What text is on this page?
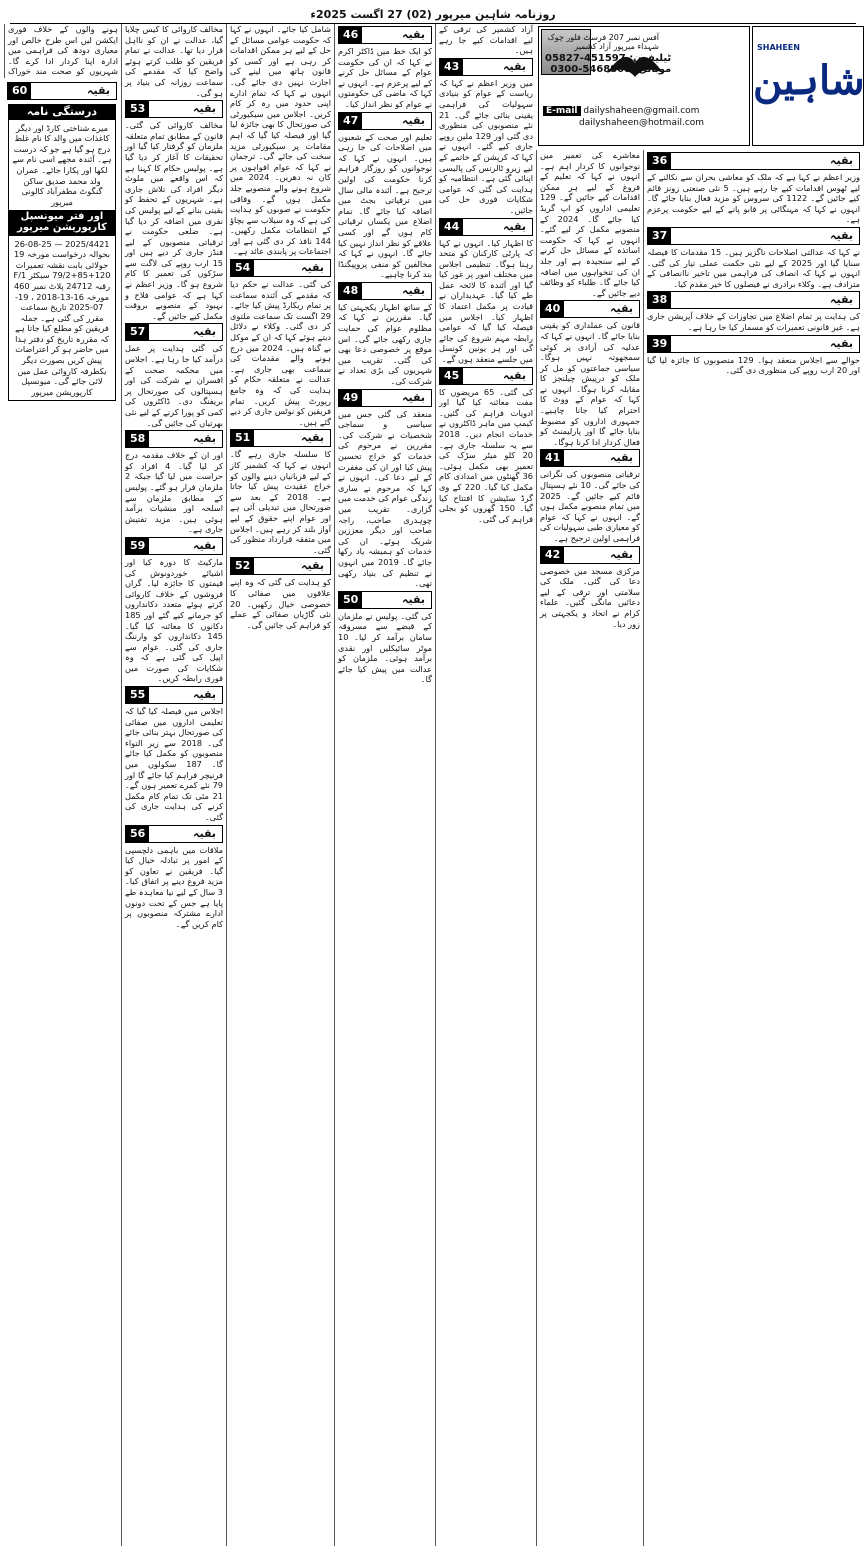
روزنامہ شاہین میرپور (02) 27 اگست 2025ء
بقیہ
60
درستگی نامہ
میرے شناختی کارڈ اور دیگر کاغذات میں والد کا نام غلط درج ہو گیا ہے جو کہ درست ہے۔ آئندہ مجھے اسی نام سے لکھا اور پکارا جائے۔ عمران ولد محمد صدیق ساکن گنگوٹ مظفرآباد کالونی میرپور
اور فتر میونسپل کارپوریشن میرپور
2025/4421 — 26-08-25 بحوالہ درخواست مورخہ 19 جولائی بابت نقشہ تعمیرات 120+85+79/2 سیکٹر F/1 رقبہ 24712 پلاٹ نمبر 460 مورخہ 16-13-2018 ، 19-07-2025 تاریخ سماعت مقرر کی گئی ہے۔ جملہ فریقین کو مطلع کیا جاتا ہے کہ مقررہ تاریخ کو دفتر ہذا میں حاضر ہو کر اعتراضات پیش کریں بصورت دیگر یکطرفہ کاروائی عمل میں لائی جائے گی۔ میونسپل کارپوریشن میرپور

مخالف کاروائی کا کیس چلایا گیا، عدالت نے ان کو نااہل قرار دیا تھا۔ عدالت نے تمام فریقین کو طلب کرتے ہوئے واضح کیا کہ مقدمے کی سماعت روزانہ کی بنیاد پر ہو گی۔

بقیہ
53

مخالف کاروائی کی گئی۔ قانون کے مطابق تمام متعلقہ ملزمان کو گرفتار کیا گیا اور تحقیقات کا آغاز کر دیا گیا ہے۔ پولیس حکام کا کہنا ہے کہ اس واقعے میں ملوث دیگر افراد کی تلاش جاری ہے۔ شہریوں کے تحفظ کو یقینی بنانے کے لیے پولیس کی نفری میں اضافہ کر دیا گیا ہے۔ ضلعی حکومت نے ترقیاتی منصوبوں کے لیے فنڈز جاری کر دیے ہیں اور 15 ارب روپے کی لاگت سے سڑکوں کی تعمیر کا کام شروع ہو گا۔ وزیر اعظم نے کہا ہے کہ عوامی فلاح و بہبود کے منصوبے بروقت مکمل کیے جائیں گے۔

بقیہ
57

کی گئی ہدایت پر عمل درآمد کیا جا رہا ہے۔ اجلاس میں محکمہ صحت کے افسران نے شرکت کی اور ہسپتالوں کی صورتحال پر بریفنگ دی۔ ڈاکٹروں کی کمی کو پورا کرنے کے لیے نئی بھرتیاں کی جائیں گی۔

بقیہ
58

اور ان کے خلاف مقدمہ درج کر لیا گیا۔ 4 افراد کو حراست میں لیا گیا جبکہ 2 ملزمان فرار ہو گئے۔ پولیس کے مطابق ملزمان سے اسلحہ اور منشیات برآمد ہوئی ہیں۔ مزید تفتیش جاری ہے۔

بقیہ
59

مارکیٹ کا دورہ کیا اور اشیائے خوردونوش کی قیمتوں کا جائزہ لیا۔ گراں فروشوں کے خلاف کاروائی کرتے ہوئے متعدد دکانداروں کو جرمانے کیے گئے اور 185 دکانوں کا معائنہ کیا گیا۔ 145 دکانداروں کو وارننگ جاری کی گئی۔ عوام سے اپیل کی گئی ہے کہ وہ شکایات کی صورت میں فوری رابطہ کریں۔

بقیہ
55

اجلاس میں فیصلہ کیا گیا کہ تعلیمی اداروں میں صفائی کی صورتحال بہتر بنائی جائے گی۔ 2018 سے زیر التواء منصوبوں کو مکمل کیا جائے گا۔ 187 سکولوں میں فرنیچر فراہم کیا جائے گا اور 79 نئے کمرے تعمیر ہوں گے۔ 21 مئی تک تمام کام مکمل کرنے کی ہدایت جاری کی گئی۔

بقیہ
56

ملاقات میں باہمی دلچسپی کے امور پر تبادلہ خیال کیا گیا۔ فریقین نے تعاون کو مزید فروغ دینے پر اتفاق کیا۔ 3 سال کے لیے نیا معاہدہ طے پایا ہے جس کے تحت دونوں ادارے مشترکہ منصوبوں پر کام کریں گے۔

شامل کیا جائے۔ انہوں نے کہا کہ حکومت عوامی مسائل کے حل کے لیے ہر ممکن اقدامات کر رہی ہے اور کسی کو قانون ہاتھ میں لینے کی اجازت نہیں دی جائے گی۔ انہوں نے کہا کہ تمام ادارے اپنی حدود میں رہ کر کام کریں۔ اجلاس میں سیکیورٹی کی صورتحال کا بھی جائزہ لیا گیا اور فیصلہ کیا گیا کہ اہم مقامات پر سیکیورٹی مزید سخت کی جائے گی۔ ترجمان نے کہا کہ عوام افواہوں پر کان نہ دھریں۔ 2024 میں شروع ہونے والے منصوبے جلد مکمل ہوں گے۔ وفاقی حکومت نے صوبوں کو ہدایت کی ہے کہ وہ سیلاب سے بچاؤ کے انتظامات مکمل رکھیں۔ 144 نافذ کر دی گئی ہے اور اجتماعات پر پابندی عائد ہے۔

بقیہ
54

کی گئی۔ عدالت نے حکم دیا کہ مقدمے کی آئندہ سماعت پر تمام ریکارڈ پیش کیا جائے۔ 29 اگست تک سماعت ملتوی کر دی گئی۔ وکلاء نے دلائل دیتے ہوئے کہا کہ ان کے موکل بے گناہ ہیں۔ 2024 میں درج ہونے والے مقدمات کی سماعت بھی جاری ہے۔ عدالت نے متعلقہ حکام کو ہدایت کی کہ وہ جامع رپورٹ پیش کریں۔ تمام فریقین کو نوٹس جاری کر دیے گئے ہیں۔

بقیہ
51

کا سلسلہ جاری رہے گا۔ انہوں نے کہا کہ کشمیر کاز کے لیے قربانیاں دینے والوں کو خراج عقیدت پیش کیا جاتا ہے۔ 2018 کے بعد سے صورتحال میں تبدیلی آئی ہے اور عوام اپنے حقوق کے لیے آواز بلند کر رہے ہیں۔ اجلاس میں متفقہ قرارداد منظور کی گئی۔

بقیہ
52

کو ہدایت کی گئی کہ وہ اپنے علاقوں میں صفائی کا خصوصی خیال رکھیں۔ 20 نئی گاڑیاں صفائی کے عملے کو فراہم کی جائیں گی۔

بقیہ
46

کو ایک خط میں ڈاکٹر اکرم نے کہا کہ ان کی حکومت عوام کے مسائل حل کرنے کے لیے پرعزم ہے۔ انہوں نے کہا کہ ماضی کی حکومتوں نے عوام کو نظر انداز کیا۔

بقیہ
47

تعلیم اور صحت کے شعبوں میں اصلاحات کی جا رہی ہیں۔ انہوں نے کہا کہ نوجوانوں کو روزگار فراہم کرنا حکومت کی اولین ترجیح ہے۔ آئندہ مالی سال میں ترقیاتی بجٹ میں اضافہ کیا جائے گا۔ تمام اضلاع میں یکساں ترقیاتی کام ہوں گے اور کسی علاقے کو نظر انداز نہیں کیا جائے گا۔ انہوں نے کہا کہ مخالفین کو منفی پروپیگنڈا بند کرنا چاہیے۔

بقیہ
48

کے ساتھ اظہار یکجہتی کیا گیا۔ مقررین نے کہا کہ مظلوم عوام کی حمایت جاری رکھی جائے گی۔ اس موقع پر خصوصی دعا بھی کی گئی۔ تقریب میں شہریوں کی بڑی تعداد نے شرکت کی۔

بقیہ
49

منعقد کی گئی جس میں سیاسی و سماجی شخصیات نے شرکت کی۔ مقررین نے مرحوم کی خدمات کو خراج تحسین پیش کیا اور ان کی مغفرت کے لیے دعا کی۔ انہوں نے کہا کہ مرحوم نے ساری زندگی عوام کی خدمت میں گزاری۔ تقریب میں چوہدری صاحب، راجہ صاحب اور دیگر معززین شریک ہوئے۔ ان کی خدمات کو ہمیشہ یاد رکھا جائے گا۔ 2019 میں انہوں نے تنظیم کی بنیاد رکھی تھی۔

بقیہ
50

کی گئی۔ پولیس نے ملزمان کے قبضے سے مسروقہ سامان برآمد کر لیا۔ 10 موٹر سائیکلیں اور نقدی برآمد ہوئی۔ ملزمان کو عدالت میں پیش کیا جائے گا۔

آزاد کشمیر کی ترقی کے لیے اقدامات کیے جا رہے ہیں۔

بقیہ
43

میں وزیر اعظم نے کہا کہ ریاست کے عوام کو بنیادی سہولیات کی فراہمی یقینی بنائی جائے گی۔ 21 نئے منصوبوں کی منظوری دی گئی اور 129 ملین روپے جاری کیے گئے۔ انہوں نے کہا کہ کرپشن کے خاتمے کے لیے زیرو ٹالرنس کی پالیسی اپنائی گئی ہے۔ انتظامیہ کو ہدایت کی گئی کہ عوامی شکایات فوری حل کی جائیں۔

بقیہ
44

کا اظہار کیا۔ انہوں نے کہا کہ پارٹی کارکنان کو متحد رہنا ہوگا۔ تنظیمی اجلاس میں مختلف امور پر غور کیا گیا اور آئندہ کا لائحہ عمل طے کیا گیا۔ عہدیداران نے قیادت پر مکمل اعتماد کا اظہار کیا۔ اجلاس میں فیصلہ کیا گیا کہ عوامی رابطہ مہم شروع کی جائے گی اور ہر یونین کونسل میں جلسے منعقد ہوں گے۔

بقیہ
45

کی گئی۔ 65 مریضوں کا مفت معائنہ کیا گیا اور ادویات فراہم کی گئیں۔ کیمپ میں ماہر ڈاکٹروں نے خدمات انجام دیں۔ 2018 سے یہ سلسلہ جاری ہے۔ 20 کلو میٹر سڑک کی تعمیر بھی مکمل ہوئی۔ 36 گھنٹوں میں امدادی کام مکمل کیا گیا۔ 220 کے وی گرڈ سٹیشن کا افتتاح کیا گیا۔ 150 گھروں کو بجلی فراہم کی گئی۔

معاشرے کی تعمیر میں نوجوانوں کا کردار اہم ہے۔ انہوں نے کہا کہ تعلیم کے فروغ کے لیے ہر ممکن اقدامات کیے جائیں گے۔ 129 تعلیمی اداروں کو اپ گریڈ کیا جائے گا۔ 2024 کے منصوبے مکمل کر لیے گئے۔ انہوں نے کہا کہ حکومت اساتذہ کے مسائل حل کرنے کے لیے سنجیدہ ہے اور جلد ان کی تنخواہوں میں اضافہ کیا جائے گا۔ طلباء کو وظائف دیے جائیں گے۔

بقیہ
40

قانون کی عملداری کو یقینی بنایا جائے گا۔ انہوں نے کہا کہ عدلیہ کی آزادی پر کوئی سمجھوتہ نہیں ہوگا۔ سیاسی جماعتوں کو مل کر ملک کو درپیش چیلنجز کا مقابلہ کرنا ہوگا۔ انہوں نے کہا کہ عوام کے ووٹ کا احترام کیا جانا چاہیے۔ جمہوری اداروں کو مضبوط بنایا جائے گا اور پارلیمنٹ کو فعال کردار ادا کرنا ہوگا۔

بقیہ
41

ترقیاتی منصوبوں کی نگرانی کی جائے گی۔ 10 نئے ہسپتال قائم کیے جائیں گے۔ 2025 میں تمام منصوبے مکمل ہوں گے۔ انہوں نے کہا کہ عوام کو معیاری طبی سہولیات کی فراہمی اولین ترجیح ہے۔

بقیہ
42

مرکزی مسجد میں خصوصی دعا کی گئی۔ ملک کی سلامتی اور ترقی کے لیے دعائیں مانگی گئیں۔ علماء کرام نے اتحاد و یکجہتی پر زور دیا۔

بقیہ
36

وزیر اعظم نے کہا ہے کہ ملک کو معاشی بحران سے نکالنے کے لیے ٹھوس اقدامات کیے جا رہے ہیں۔ 5 نئی صنعتی زونز قائم کیے جائیں گے۔ 1122 کی سروس کو مزید فعال بنایا جائے گا۔ انہوں نے کہا کہ مہنگائی پر قابو پانے کے لیے حکومت پرعزم ہے۔

بقیہ
37

نے کہا کہ عدالتی اصلاحات ناگزیر ہیں۔ 15 مقدمات کا فیصلہ سنایا گیا اور 2025 کے لیے نئی حکمت عملی تیار کی گئی۔ انہوں نے کہا کہ انصاف کی فراہمی میں تاخیر ناانصافی کے مترادف ہے۔ وکلاء برادری نے فیصلوں کا خیر مقدم کیا۔

بقیہ
38

کی ہدایت پر تمام اضلاع میں تجاوزات کے خلاف آپریشن جاری ہے۔ غیر قانونی تعمیرات کو مسمار کیا جا رہا ہے۔

بقیہ
39

حوالے سے اجلاس منعقد ہوا۔ 129 منصوبوں کا جائزہ لیا گیا اور 20 ارب روپے کی منظوری دی گئی۔

ہونے والوں کے خلاف فوری ایکشن لیں اس طرح خالص اور معیاری دودھ کی فراہمی میں ادارہ اپنا کردار ادا کرے گا۔ شہریوں کو صحت مند خوراک

آفس نمبر 207 فرسٹ فلور چوک شہداء میرپور آزاد کشمیر
ٹیلیفون: 05827-451597
موبائل: 0300-5468808
E-mail dailyshaheen@gmail.com
dailyshaheen@hotmail.com
SHAHEEN
شاہین
